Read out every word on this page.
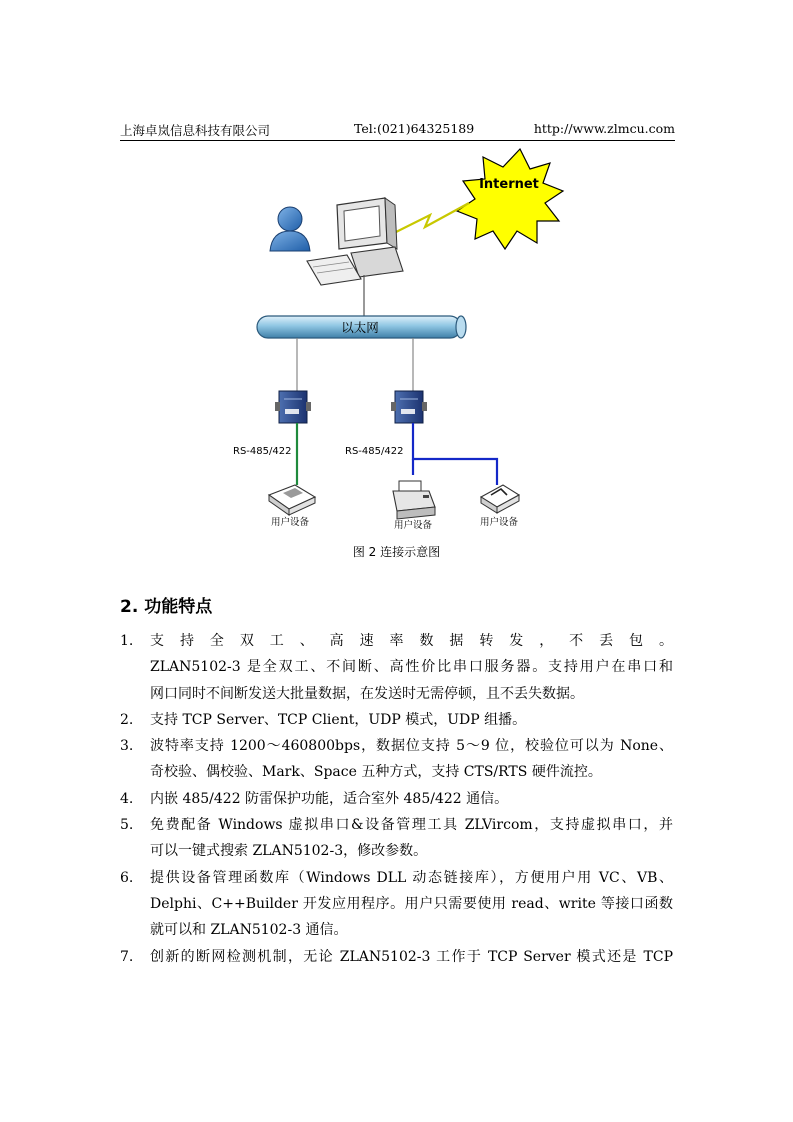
上海卓岚信息科技有限公司	Tel:(021)64325189	http://www.zlmcu.com
Internet
以太网
RS-485/422	RS-485/422
用户设备	用户设备	用户设备
图 2 连接示意图
2. 功能特点
1. 支持全双工、高速率数据转发，不丢包。
ZLAN5102-3 是全双工、不间断、高性价比串口服务器。支持用户在串口和
网口同时不间断发送大批量数据，在发送时无需停顿，且不丢失数据。
2. 支持 TCP Server、TCP Client，UDP 模式，UDP 组播。
3. 波特率支持 1200～460800bps，数据位支持 5～9 位，校验位可以为 None、
奇校验、偶校验、Mark、Space 五种方式，支持 CTS/RTS 硬件流控。
4. 内嵌 485/422 防雷保护功能，适合室外 485/422 通信。
5. 免费配备 Windows 虚拟串口&设备管理工具 ZLVircom，支持虚拟串口，并
可以一键式搜索 ZLAN5102-3，修改参数。
6. 提供设备管理函数库（Windows DLL 动态链接库），方便用户用 VC、VB、
Delphi、C++Builder 开发应用程序。用户只需要使用 read、write 等接口函数
就可以和 ZLAN5102-3 通信。
7. 创新的断网检测机制，无论 ZLAN5102-3 工作于 TCP Server 模式还是 TCP
